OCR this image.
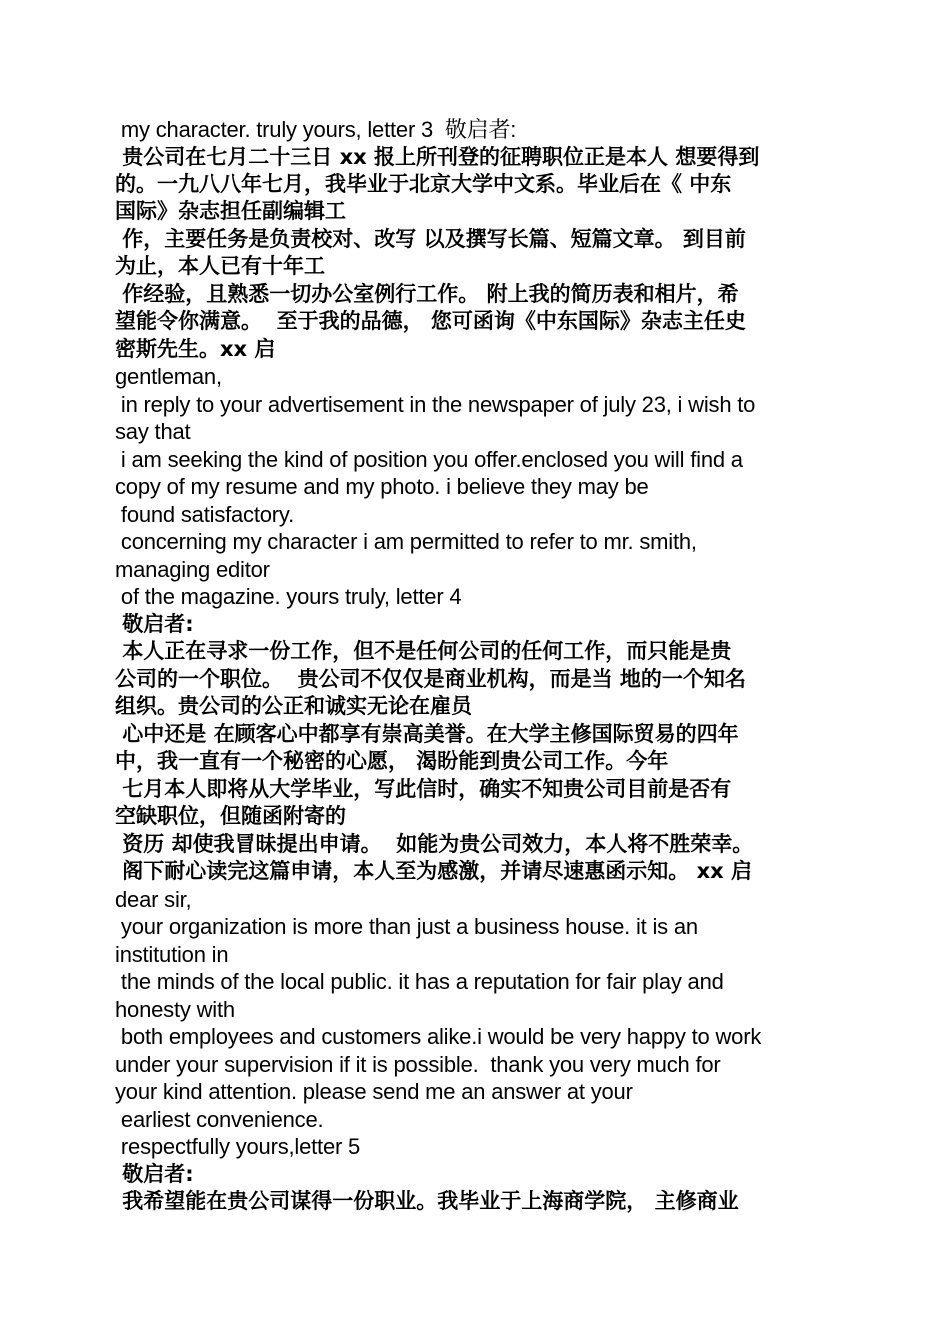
my character. truly yours, letter 3  敬启者:
贵公司在七月二十三日 xx 报上所刊登的征聘职位正是本人 想要得到
的。一九八八年七月，我毕业于北京大学中文系。毕业后在《 中东
国际》杂志担任副编辑工
作，主要任务是负责校对、改写 以及撰写长篇、短篇文章。 到目前
为止，本人已有十年工
作经验，且熟悉一切办公室例行工作。 附上我的简历表和相片，希
望能令你满意。  至于我的品德， 您可函询《中东国际》杂志主任史
密斯先生。xx 启
gentleman,
in reply to your advertisement in the newspaper of july 23, i wish to
say that
i am seeking the kind of position you offer.enclosed you will find a
copy of my resume and my photo. i believe they may be
found satisfactory.
concerning my character i am permitted to refer to mr. smith,
managing editor
of the magazine. yours truly, letter 4
敬启者:
本人正在寻求一份工作，但不是任何公司的任何工作，而只能是贵
公司的一个职位。  贵公司不仅仅是商业机构，而是当 地的一个知名
组织。贵公司的公正和诚实无论在雇员
心中还是 在顾客心中都享有崇高美誉。在大学主修国际贸易的四年
中，我一直有一个秘密的心愿， 渴盼能到贵公司工作。今年
七月本人即将从大学毕业，写此信时，确实不知贵公司目前是否有
空缺职位，但随函附寄的
资历 却使我冒昧提出申请。  如能为贵公司效力，本人将不胜荣幸。
阁下耐心读完这篇申请，本人至为感激，并请尽速惠函示知。 xx 启
dear sir,
your organization is more than just a business house. it is an
institution in
the minds of the local public. it has a reputation for fair play and
honesty with
both employees and customers alike.i would be very happy to work
under your supervision if it is possible.  thank you very much for
your kind attention. please send me an answer at your
earliest convenience.
respectfully yours,letter 5
敬启者:
我希望能在贵公司谋得一份职业。我毕业于上海商学院， 主修商业
